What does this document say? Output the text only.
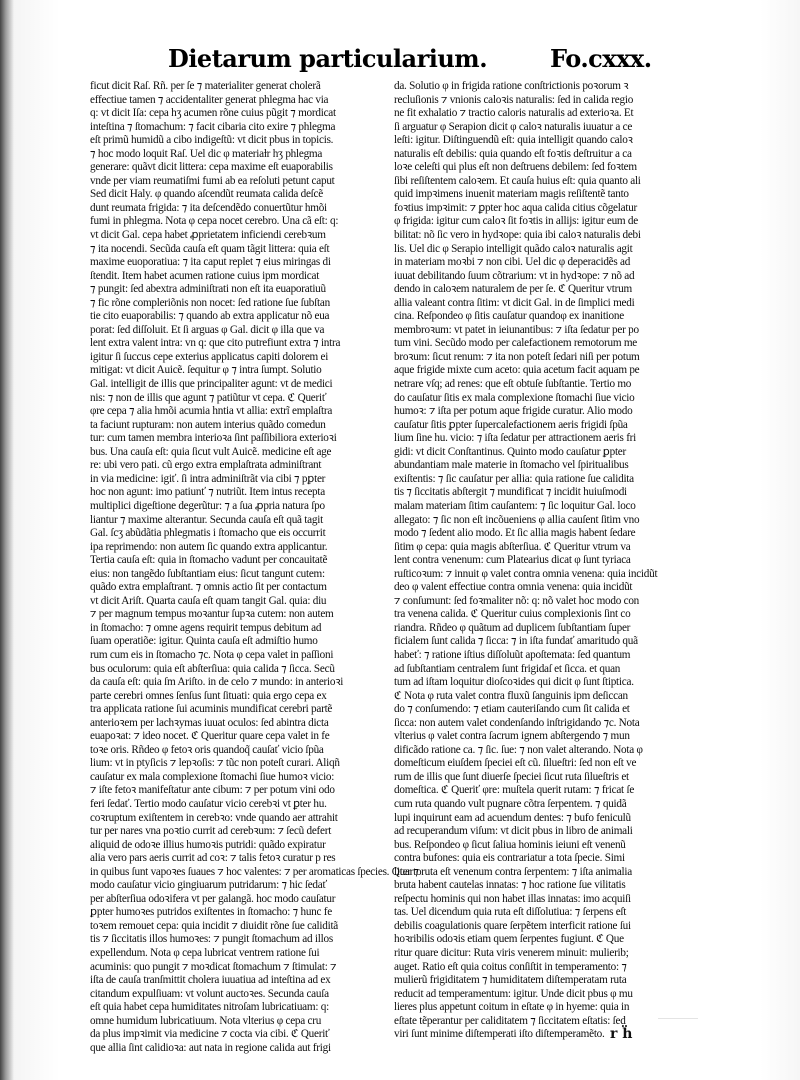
Dietarum particularium.	Fo.cxxx.
ficut dicit Raſ. Rñ. per ſe ⁊ materialiter generat cholerã
effectiue tamen ⁊ accidentaliter generat phlegma hac via
q: vt dicit Iſa: cepa hʒ acumen rõne cuius pũgit ⁊ mordicat
inteſtina ⁊ ſtomachum: ⁊ facit cibaria cito exire ⁊ phlegma
eſt primũ humidũ a cibo indigeſtũ: vt dicit pbus in topicis.
⁊ hoc modo loquit Raſ. Uel dic φ materiaƚr hʒ phlegma
generare: quãvt dicit littera: cepa maxime eſt euaporabilis
vnde per viam reumatiſmi fumi ab ea reſoluti petunt caput
Sed dicit Haly. φ quando aſcendũt reumata calida deſcẽ
dunt reumata frigida: ⁊ ita deſcendẽdo conuertũtur hmõi
fumi in phlegma. Nota φ cepa nocet cerebro. Una cã eſt: q:
vt dicit Gal. cepa habet ꝓprietatem inficiendi cerebꝛum
⁊ ita nocendi. Secũda cauſa eſt quam tãgit littera: quia eſt
maxime euoporatiua: ⁊ ita caput replet ⁊ eius miringas di
ſtendit. Item habet acumen ratione cuius ipm mordicat
⁊ pungit: ſed abextra adminiſtrati non eſt ita euaporatiuũ
⁊ fic rõne compleriõnis non nocet: ſed ratione ſue ſubſtan
tie cito euaporabilis: ⁊ quando ab extra applicatur nõ eua
porat: ſed diſſoluit. Et ſi arguas φ Gal. dicit φ illa que va
lent extra valent intra: vn q: que cito putrefiunt extra ⁊ intra
igitur ſi ſuccus cepe exterius applicatus capiti dolorem ei
mitigat: vt dicit Auicẽ. ſequitur φ ⁊ intra ſumpt. Solutio
Gal. intelligit de illis que principaliter agunt: vt de medici
nis: ⁊ non de illis que agunt ⁊ patiũtur vt cepa. ℭ Queriť
φre cepa ⁊ alia hmõi acumia hntia vt allia: extrĩ emplaſtra
ta faciunt rupturam: non autem interius quãdo comedun
tur: cum tamen membra interioꝛa ſint paſſibiliora exterioꝛi
bus. Una cauſa eſt: quia ſicut vult Auicẽ. medicine eſt age
re: ubi vero pati. cũ ergo extra emplaſtrata adminiſtrant
in via medicine: igiť. ſi intra adminiſtrãt via cibi ⁊ pꝑter
hoc non agunt: imo patiunť ⁊ nutriũt. Item intus recepta
multiplici digeſtione degerũtur: ⁊ a ſua ꝓpria natura ſpo
liantur ⁊ maxime alterantur. Secunda cauſa eſt quã tagit
Gal. ſcʒ abũdãtia phlegmatis i ſtomacho que eis occurrit
ipa reprimendo: non autem ſic quando extra applicantur.
Tertia cauſa eſt: quia in ſtomacho vadunt per concauitatẽ
eius: non tangẽdo ſubſtantiam eius: ſicut tangunt cutem:
quãdo extra emplaſtrant. ⁊ omnis actio ſit per contactum
vt dicit Ariſt. Quarta cauſa eſt quam tangit Gal. quia: diu
⁊ per magnum tempus moꝛantur ſupꝛa cutem: non autem
in ſtomacho: ⁊ omne agens requirit tempus debitum ad
ſuam operatiõe: igitur. Quinta cauſa eſt admiſtio humo
rum cum eis in ſtomacho ⁊c. Nota φ cepa valet in paſſioni
bus oculorum: quia eſt abſterſiua: quia calida ⁊ ſicca. Secũ
da cauſa eſt: quia ſm Ariſto. in de celo ⁊ mundo: in anterioꝛi
parte cerebri omnes ſenſus ſunt ſituati: quia ergo cepa ex
tra applicata ratione ſui acuminis mundificat cerebri partẽ
anterioꝛem per lachꝛymas iuuat oculos: ſed abintra dicta
euapoꝛat: ⁊ ideo nocet. ℭ Queritur quare cepa valet in fe
toꝛe oris. Rñdeo φ fetoꝛ oris quandoq̃ cauſať vicio ſpũa
lium: vt in ptyſicis ⁊ lepꝛoſis: ⁊ tũc non poteſt curari. Aliqñ
cauſatur ex mala complexione ſtomachi ſiue humoꝛ vicio:
⁊ iſte fetoꝛ manifeſtatur ante cibum: ⁊ per potum vini odo
feri ſedať. Tertio modo cauſatur vicio cerebꝛi vt ꝑter hu.
coꝛruptum exiſtentem in cerebꝛo: vnde quando aer attrahit
tur per nares vna poꝛtio currit ad cerebꝛum: ⁊ ſecũ defert
aliquid de odoꝛe illius humoꝛis putridi: quãdo expiratur
alia vero pars aeris currit ad coꝛ: ⁊ talis fetoꝛ curatur p res
in quibus ſunt vapoꝛes ſuaues ⁊ hoc valentes: ⁊ per aromaticas ſpecies. Quarto
modo cauſatur vicio gingiuarum putridarum: ⁊ hic ſedať
per abſterſiua odoꝛifera vt per galangã. hoc modo cauſatur
ꝑpter humoꝛes putridos exiſtentes in ſtomacho: ⁊ hunc fe
toꝛem remouet cepa: quia incidit ⁊ diuidit rõne ſue caliditã
tis ⁊ ſiccitatis illos humoꝛes: ⁊ pungit ſtomachum ad illos
expellendum. Nota φ cepa lubricat ventrem ratione ſui
acuminis: quo pungit ⁊ moꝛdicat ſtomachum ⁊ ſtimulat: ⁊
iſta de cauſa tranſmittit cholera iuuatiua ad inteſtina ad ex
citandum expulſiuam: vt volunt auctoꝛes. Secunda cauſa
eſt quia habet cepa humiditates nitroſam lubricatiuam: q:
omne humidum lubricatiuum. Nota vlterius φ cepa cru
da plus impꝛimit via medicine ⁊ cocta via cibi. ℭ Queriť
que allia ſint calidioꝛa: aut nata in regione calida aut frigi
da. Solutio φ in frigida ratione conſtrictionis poꝛorum ꝛ
recluſionis ⁊ vnionis caloꝛis naturalis: ſed in calida regio
ne fit exhalatio ⁊ tractio caloris naturalis ad exterioꝛa. Et
ſi arguatur φ Serapion dicit φ caloꝛ naturalis iuuatur a ce
leſti: igitur. Diſtinguendũ eſt: quia intelligit quando caloꝛ
naturalis eſt debilis: quia quando eſt foꝛtis deſtruitur a ca
loꝛe celeſti qui plus eſt non deſtruens debilem: ſed foꝛtem
ſibi reſiſtentem caloꝛem. Et cauſa huius eſt: quia quanto ali
quid impꝛimens inuenit materiam magis reſiſtentẽ tanto
foꝛtius impꝛimit: ⁊ ꝑpter hoc aqua calida citius cõgelatur
φ frigida: igitur cum caloꝛ ſit foꝛtis in allijs: igitur eum de
bilitat: nõ ſic vero in hydꝛope: quia ibi caloꝛ naturalis debi
lis. Uel dic φ Serapio intelligit quãdo caloꝛ naturalis agit
in materiam moꝛbi ⁊ non cibi. Uel dic φ deperacidẽs ad
iuuat debilitando ſuum cõtrarium: vt in hydꝛope: ⁊ nõ ad
dendo in caloꝛem naturalem de per ſe. ℭ Queritur vtrum
allia valeant contra ſitim: vt dicit Gal. in de ſimplici medi
cina. Reſpondeo φ ſitis cauſatur quandoφ ex inanitione
membroꝛum: vt patet in ieiunantibus: ⁊ iſta ſedatur per po
tum vini. Secũdo modo per calefactionem remotorum me
broꝛum: ſicut renum: ⁊ ita non poteſt ſedari niſi per potum
aque frigide mixte cum aceto: quia acetum facit aquam pe
netrare vſq; ad renes: que eſt obtuſe ſubſtantie. Tertio mo
do cauſatur ſitis ex mala complexione ſtomachi ſiue vicio
humoꝛ: ⁊ iſta per potum aque frigide curatur. Alio modo
cauſatur ſitis ꝑpter ſupercalefactionem aeris frigidi ſpũa
lium ſine hu. vicio: ⁊ iſta ſedatur per attractionem aeris fri
gidi: vt dicit Conſtantinus. Quinto modo cauſatur ꝑpter
abundantiam male materie in ſtomacho vel ſpiritualibus
exiſtentis: ⁊ ſic cauſatur per allia: quia ratione ſue calidita
tis ⁊ ſiccitatis abſtergit ⁊ mundificat ⁊ incidit huiuſmodi
malam materiam ſitim cauſantem: ⁊ ſic loquitur Gal. loco
allegato: ⁊ ſic non eſt incõueniens φ allia cauſent ſitim vno
modo ⁊ ſedent alio modo. Et ſic allia magis habent ſedare
ſitim φ cepa: quia magis abſterſiua. ℭ Queritur vtrum va
lent contra venenum: cum Platearius dicat φ ſunt tyriaca
ruſticoꝛum: ⁊ innuit φ valet contra omnia venena: quia incidũt
deo φ valent effectiue contra omnia venena: quia incidũt
⁊ conſumunt: ſed foꝛmaliter nõ: q: nõ valet hoc modo con
tra venena calida. ℭ Queritur cuius complexionis ſint co
riandra. Rñdeo φ quãtum ad duplicem ſubſtantiam ſuper
ficialem ſunt calida ⁊ ſicca: ⁊ in iſta fundať amaritudo quã
habeť: ⁊ ratione iſtius diſſoluũt apoſtemata: ſed quantum
ad ſubſtantiam centralem ſunt frigidaſ et ſicca. et quan
tum ad iſtam loquitur dioſcoꝛides qui dicit φ ſunt ſtiptica.
ℭ Nota φ ruta valet contra fluxũ ſanguinis ipm deſiccan
do ⁊ conſumendo: ⁊ etiam cauteriſando cum ſit calida et
ſicca: non autem valet condenſando inſtrigidando ⁊c. Nota
vlterius φ valet contra ſacrum ignem abſtergendo ⁊ mun
dificãdo ratione ca. ⁊ ſic. ſue: ⁊ non valet alterando. Nota φ
domeſticum eiuſdem ſpeciei eſt cũ. ſilueſtri: ſed non eſt ve
rum de illis que ſunt diuerſe ſpeciei ſicut ruta ſilueſtris et
domeſtica. ℭ Queriť φre: muſtela querit rutam: ⁊ fricat ſe
cum ruta quando vult pugnare cõtra ſerpentem. ⁊ quidã
lupi inquirunt eam ad acuendum dentes: ⁊ bufo feniculũ
ad recuperandum viſum: vt dicit pbus in libro de animali
bus. Reſpondeo φ ſicut ſaliua hominis ieiuni eſt venenũ
contra bufones: quia eis contrariatur a tota ſpecie. Simi
liter ⁊ ruta eſt venenum contra ſerpentem: ⁊ iſta animalia
bruta habent cautelas innatas: ⁊ hoc ratione ſue vilitatis
reſpectu hominis qui non habet illas innatas: imo acquiſi
tas. Uel dicendum quia ruta eſt diſſolutiua: ⁊ ſerpens eſt
debilis coagulationis quare ſerpẽtem interficit ratione ſui
hoꝛribilis odoꝛis etiam quem ſerpentes fugiunt. ℭ Que
ritur quare dicitur: Ruta viris venerem minuit: mulierib;
auget. Ratio eſt quia coitus conſiſtit in temperamento: ⁊
mulierũ frigiditatem ⁊ humiditatem diſtemperatam ruta
reducit ad temperamentum: igitur. Unde dicit pbus φ mu
lieres plus appetunt coitum in eſtate φ in hyeme: quia in
eſtate tẽperantur per caliditatem ⁊ ſiccitatem eſtatis: ſed
viri ſunt minime diſtemperati iſto diſtemperamẽto. r ḧ
